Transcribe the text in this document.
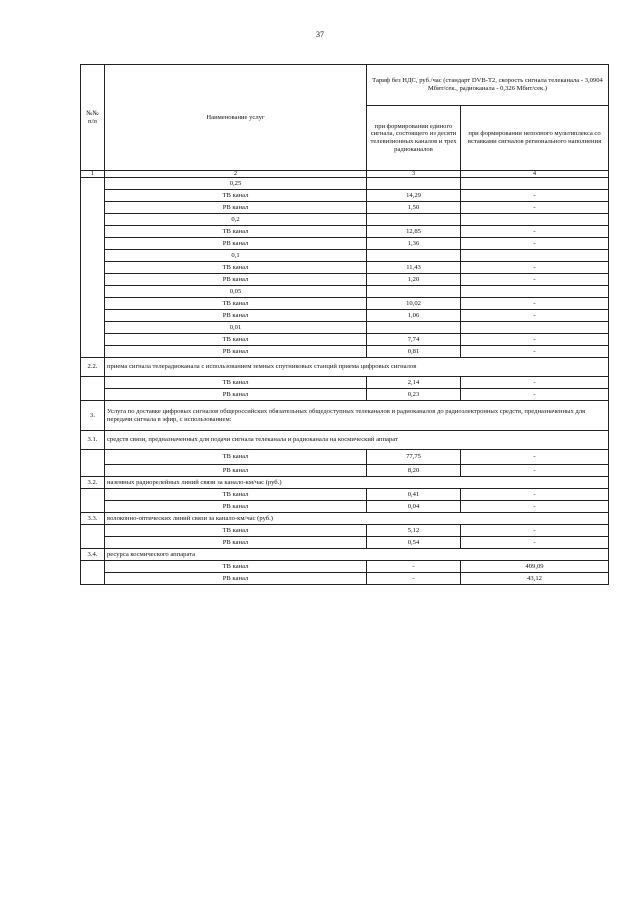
37
№№ п/п	Наименование услуг	Тариф без НДС, руб./час (стандарт DVB-T2, скорость сигнала телеканала - 3,0904 Мбит/сек., радиоканала - 0,326 Мбит/сек.)	
		при формировании единого сигнала, состоящего из десяти телевизионных каналов и трех радиоканалов	при формировании неполного мультиплекса со вставками сигналов регионального наполнения
1	2	3	4
	0,25		
	ТВ канал	14,29	-
	РВ канал	1,50	-
	0,2		
	ТВ канал	12,85	-
	РВ канал	1,36	-
	0,1		
	ТВ канал	11,43	-
	РВ канал	1,20	-
	0,05		
	ТВ канал	10,02	-
	РВ канал	1,06	-
	0,01		
	ТВ канал	7,74	-
	РВ канал	0,81	-
2.2.	приема сигнала телерадиоканала с использованием земных спутниковых станций приема цифровых сигналов		
	ТВ канал	2,14	-
	РВ канал	0,23	-
3.	Услуга по доставке цифровых сигналов общероссийских обязательных общедоступных телеканалов и радиоканалов до радиоэлектронных средств, предназначенных для передачи сигнала в эфир, с использованием:		
3.1.	средств связи, предназначенных для подачи сигнала телеканала и радиоканала на космический аппарат		
	ТВ канал	77,75	-
	РВ канал	8,20	-
3.2.	наземных радиорелейных линий связи за канало-км/час (руб.)		
	ТВ канал	0,41	-
	РВ канал	0,04	-
3.3.	волоконно-оптических линий связи за канало-км/час (руб.)		
	ТВ канал	5,12	-
	РВ канал	0,54	-
3.4.	ресурса космического аппарата		
	ТВ канал	-	409,09
	РВ канал	-	43,12
